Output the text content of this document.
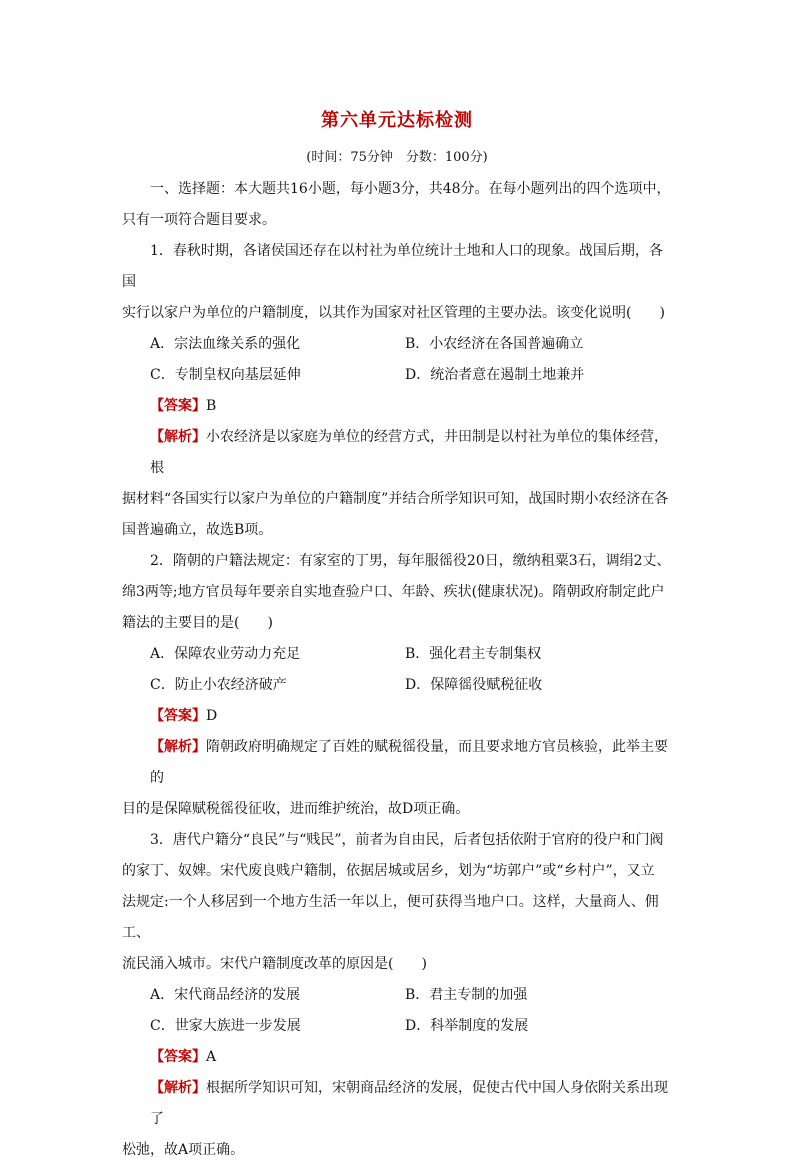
第六单元达标检测
(时间：75分钟　分数：100分)

一、选择题：本大题共16小题，每小题3分，共48分。在每小题列出的四个选项中，

只有一项符合题目要求。

1．春秋时期，各诸侯国还存在以村社为单位统计土地和人口的现象。战国后期，各国

实行以家户为单位的户籍制度，以其作为国家对社区管理的主要办法。该变化说明(　　)

A．宗法血缘关系的强化	B．小农经济在各国普遍确立
C．专制皇权向基层延伸	D．统治者意在遏制土地兼并

【答案】B

【解析】小农经济是以家庭为单位的经营方式，井田制是以村社为单位的集体经营，根

据材料“各国实行以家户为单位的户籍制度”并结合所学知识可知，战国时期小农经济在各

国普遍确立，故选B项。

2．隋朝的户籍法规定：有家室的丁男，每年服徭役20日，缴纳租粟3石，调绢2丈、

绵3两等;地方官员每年要亲自实地查验户口、年龄、疾状(健康状况)。隋朝政府制定此户

籍法的主要目的是(　　)

A．保障农业劳动力充足	B．强化君主专制集权
C．防止小农经济破产	D．保障徭役赋税征收

【答案】D

【解析】隋朝政府明确规定了百姓的赋税徭役量，而且要求地方官员核验，此举主要的

目的是保障赋税徭役征收，进而维护统治，故D项正确。

3．唐代户籍分“良民”与“贱民”，前者为自由民，后者包括依附于官府的役户和门阀

的家丁、奴婢。宋代废良贱户籍制，依据居城或居乡，划为“坊郭户”或“乡村户”，又立

法规定:一个人移居到一个地方生活一年以上，便可获得当地户口。这样，大量商人、佣工、

流民涌入城市。宋代户籍制度改革的原因是(　　)

A．宋代商品经济的发展	B．君主专制的加强
C．世家大族进一步发展	D．科举制度的发展

【答案】A

【解析】根据所学知识可知，宋朝商品经济的发展，促使古代中国人身依附关系出现了

松弛，故A项正确。
